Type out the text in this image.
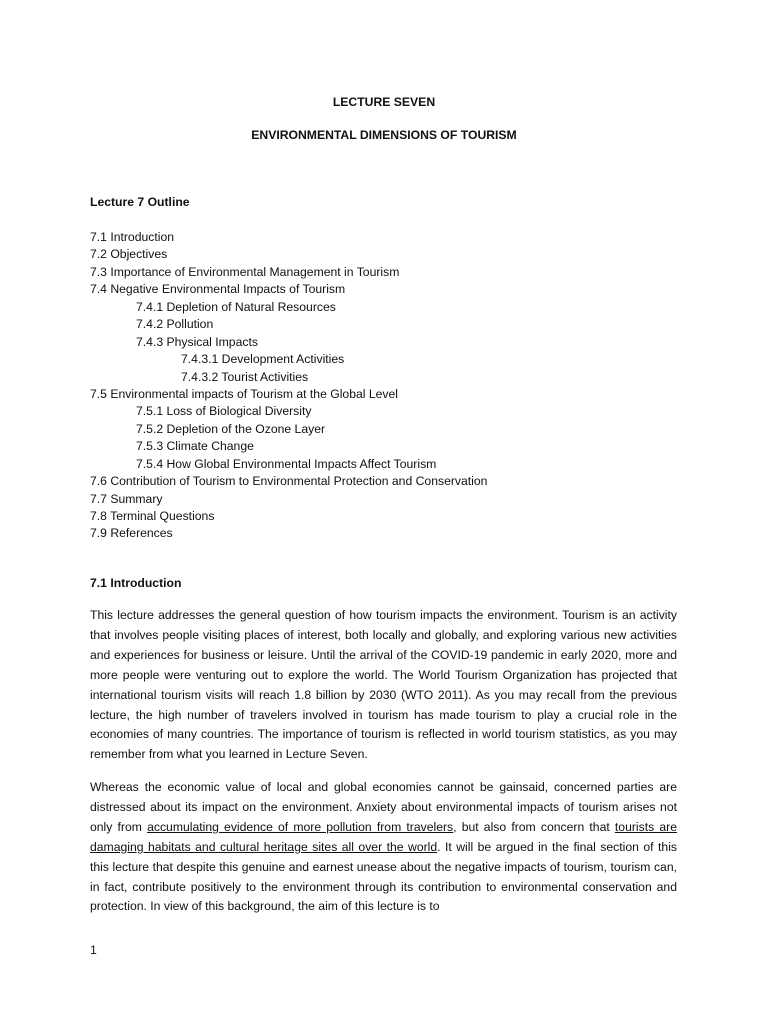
LECTURE SEVEN

ENVIRONMENTAL DIMENSIONS OF TOURISM

Lecture 7 Outline

7.1 Introduction
7.2 Objectives
7.3 Importance of Environmental Management in Tourism
7.4 Negative Environmental Impacts of Tourism
7.4.1 Depletion of Natural Resources
7.4.2 Pollution
7.4.3 Physical Impacts
7.4.3.1 Development Activities
7.4.3.2 Tourist Activities
7.5 Environmental impacts of Tourism at the Global Level
7.5.1 Loss of Biological Diversity
7.5.2 Depletion of the Ozone Layer
7.5.3 Climate Change
7.5.4 How Global Environmental Impacts Affect Tourism
7.6 Contribution of Tourism to Environmental Protection and Conservation
7.7 Summary
7.8 Terminal Questions
7.9 References

7.1 Introduction

This lecture addresses the general question of how tourism impacts the environment. Tourism is an activity that involves people visiting places of interest, both locally and globally, and exploring various new activities and experiences for business or leisure. Until the arrival of the COVID-19 pandemic in early 2020, more and more people were venturing out to explore the world. The World Tourism Organization has projected that international tourism visits will reach 1.8 billion by 2030 (WTO 2011). As you may recall from the previous lecture, the high number of travelers involved in tourism has made tourism to play a crucial role in the economies of many countries. The importance of tourism is reflected in world tourism statistics, as you may remember from what you learned in Lecture Seven.

Whereas the economic value of local and global economies cannot be gainsaid, concerned parties are distressed about its impact on the environment. Anxiety about environmental impacts of tourism arises not only from accumulating evidence of more pollution from travelers, but also from concern that tourists are damaging habitats and cultural heritage sites all over the world. It will be argued in the final section of this this lecture that despite this genuine and earnest unease about the negative impacts of tourism, tourism can, in fact, contribute positively to the environment through its contribution to environmental conservation and protection. In view of this background, the aim of this lecture is to

1
